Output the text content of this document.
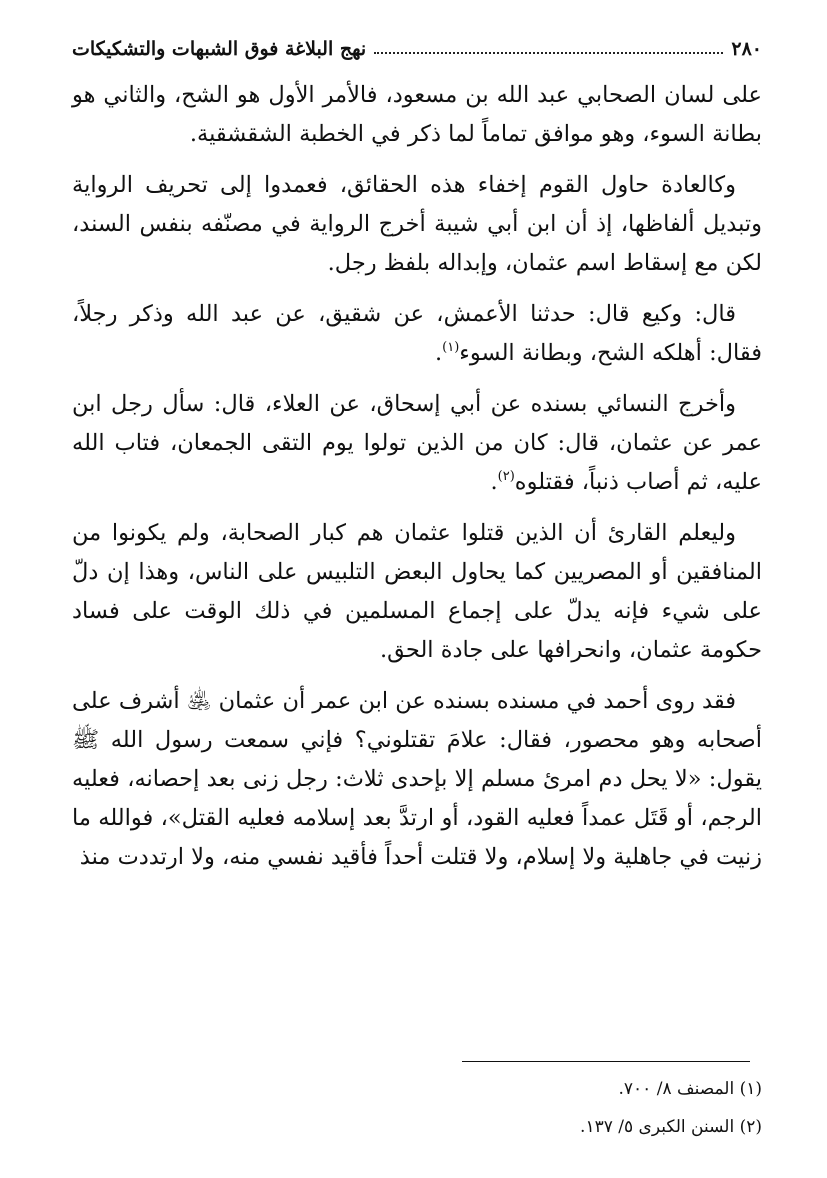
٢٨٠
نهج البلاغة فوق الشبهات والتشكيكات

على لسان الصحابي عبد الله بن مسعود، فالأمر الأول هو الشح، والثاني هو بطانة السوء، وهو موافق تماماً لما ذكر في الخطبة الشقشقية.

وكالعادة حاول القوم إخفاء هذه الحقائق، فعمدوا إلى تحريف الرواية وتبديل ألفاظها، إذ أن ابن أبي شيبة أخرج الرواية في مصنّفه بنفس السند، لكن مع إسقاط اسم عثمان، وإبداله بلفظ رجل.

قال: وكيع قال: حدثنا الأعمش، عن شقيق، عن عبد الله وذكر رجلاً، فقال: أهلكه الشح، وبطانة السوء$^{(١)}$.

وأخرج النسائي بسنده عن أبي إسحاق، عن العلاء، قال: سأل رجل ابن عمر عن عثمان، قال: كان من الذين تولوا يوم التقى الجمعان، فتاب الله عليه، ثم أصاب ذنباً، فقتلوه$^{(٢)}$.

وليعلم القارئ أن الذين قتلوا عثمان هم كبار الصحابة، ولم يكونوا من المنافقين أو المصريين كما يحاول البعض التلبيس على الناس، وهذا إن دلّ على شيء فإنه يدلّ على إجماع المسلمين في ذلك الوقت على فساد حكومة عثمان، وانحرافها على جادة الحق.

فقد روى أحمد في مسنده بسنده عن ابن عمر أن عثمان ﵁ أشرف على أصحابه وهو محصور، فقال: علامَ تقتلوني؟ فإني سمعت رسول الله ﷺ يقول: «لا يحل دم امرئ مسلم إلا بإحدى ثلاث: رجل زنى بعد إحصانه، فعليه الرجم، أو قَتَل عمداً فعليه القود، أو ارتدَّ بعد إسلامه فعليه القتل»، فوالله ما زنيت في جاهلية ولا إسلام، ولا قتلت أحداً فأقيد نفسي منه، ولا ارتددت منذ

(١) المصنف ٨/ ٧٠٠.
(٢) السنن الكبرى ٥/ ١٣٧.
